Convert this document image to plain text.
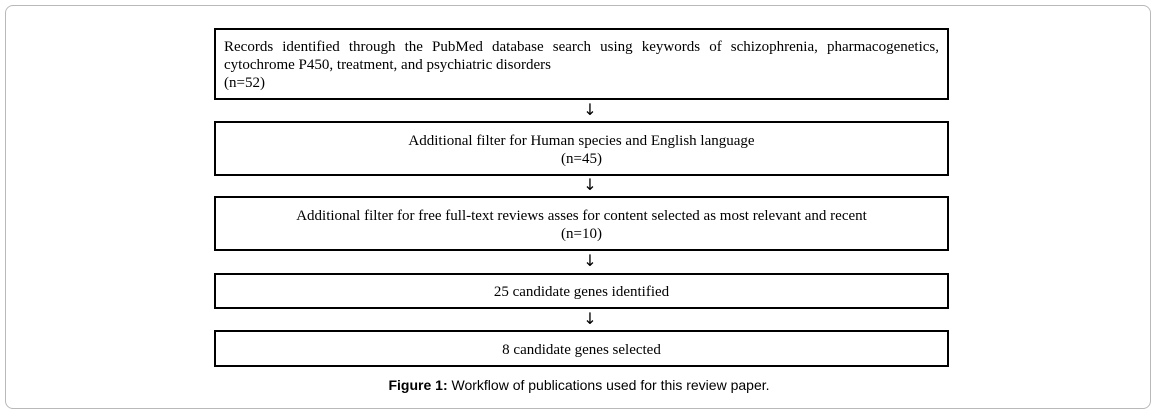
Records identified through the PubMed database search using keywords of schizophrenia, pharmacogenetics,
cytochrome P450, treatment, and psychiatric disorders
(n=52)
↓
Additional filter for Human species and English language
(n=45)
↓
Additional filter for free full-text reviews asses for content selected as most relevant and recent
(n=10)
↓
25 candidate genes identified
↓
8 candidate genes selected
Figure 1: Workflow of publications used for this review paper.
